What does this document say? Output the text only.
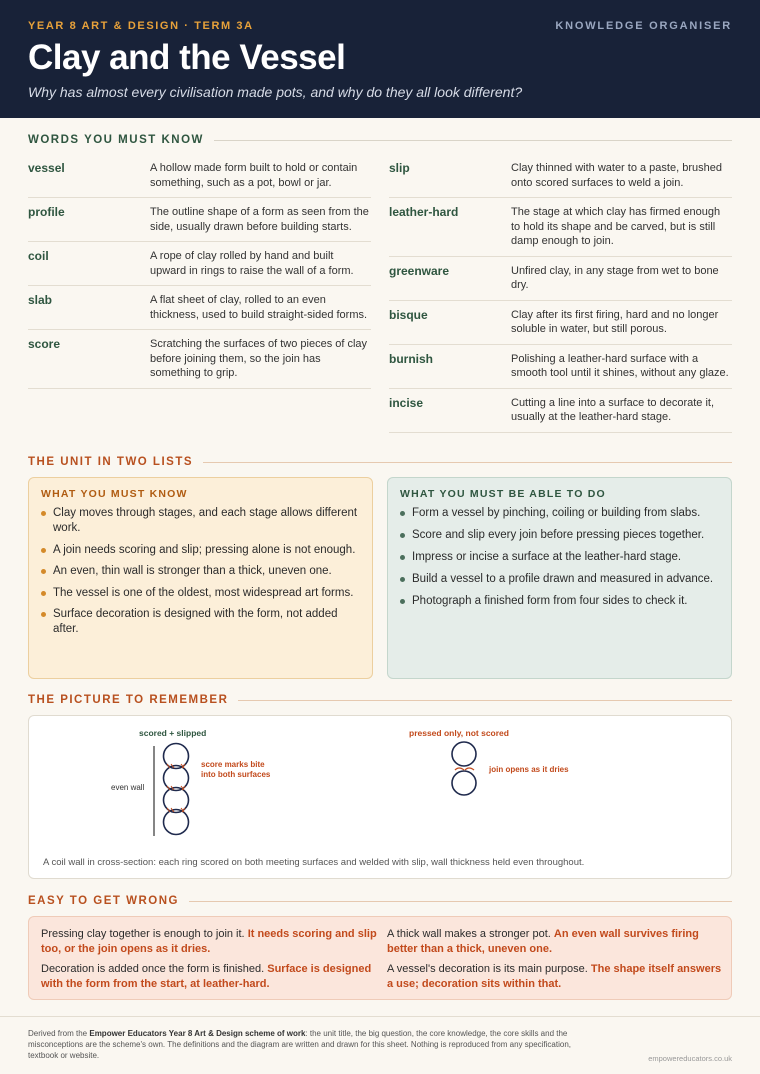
YEAR 8 ART & DESIGN · TERM 3A	KNOWLEDGE ORGANISER
Clay and the Vessel
Why has almost every civilisation made pots, and why do they all look different?
WORDS YOU MUST KNOW
vessel	A hollow made form built to hold or contain something, such as a pot, bowl or jar.
profile	The outline shape of a form as seen from the side, usually drawn before building starts.
coil	A rope of clay rolled by hand and built upward in rings to raise the wall of a form.
slab	A flat sheet of clay, rolled to an even thickness, used to build straight-sided forms.
score	Scratching the surfaces of two pieces of clay before joining them, so the join has something to grip.
slip	Clay thinned with water to a paste, brushed onto scored surfaces to weld a join.
leather-hard	The stage at which clay has firmed enough to hold its shape and be carved, but is still damp enough to join.
greenware	Unfired clay, in any stage from wet to bone dry.
bisque	Clay after its first firing, hard and no longer soluble in water, but still porous.
burnish	Polishing a leather-hard surface with a smooth tool until it shines, without any glaze.
incise	Cutting a line into a surface to decorate it, usually at the leather-hard stage.
THE UNIT IN TWO LISTS
WHAT YOU MUST KNOW
Clay moves through stages, and each stage allows different work.
A join needs scoring and slip; pressing alone is not enough.
An even, thin wall is stronger than a thick, uneven one.
The vessel is one of the oldest, most widespread art forms.
Surface decoration is designed with the form, not added after.
WHAT YOU MUST BE ABLE TO DO
Form a vessel by pinching, coiling or building from slabs.
Score and slip every join before pressing pieces together.
Impress or incise a surface at the leather-hard stage.
Build a vessel to a profile drawn and measured in advance.
Photograph a finished form from four sides to check it.
THE PICTURE TO REMEMBER
scored + slipped	pressed only, not scored
even wall
score marks bite
into both surfaces
join opens as it dries
A coil wall in cross-section: each ring scored on both meeting surfaces and welded with slip, wall thickness held even throughout.
EASY TO GET WRONG
Pressing clay together is enough to join it. It needs scoring and slip too, or the join opens as it dries.
A thick wall makes a stronger pot. An even wall survives firing better than a thick, uneven one.
Decoration is added once the form is finished. Surface is designed with the form from the start, at leather-hard.
A vessel's decoration is its main purpose. The shape itself answers a use; decoration sits within that.
Derived from the Empower Educators Year 8 Art & Design scheme of work: the unit title, the big question, the core knowledge, the core skills and the misconceptions are the scheme's own. The definitions and the diagram are written and drawn for this sheet. Nothing is reproduced from any specification, textbook or website.	empowereducators.co.uk
